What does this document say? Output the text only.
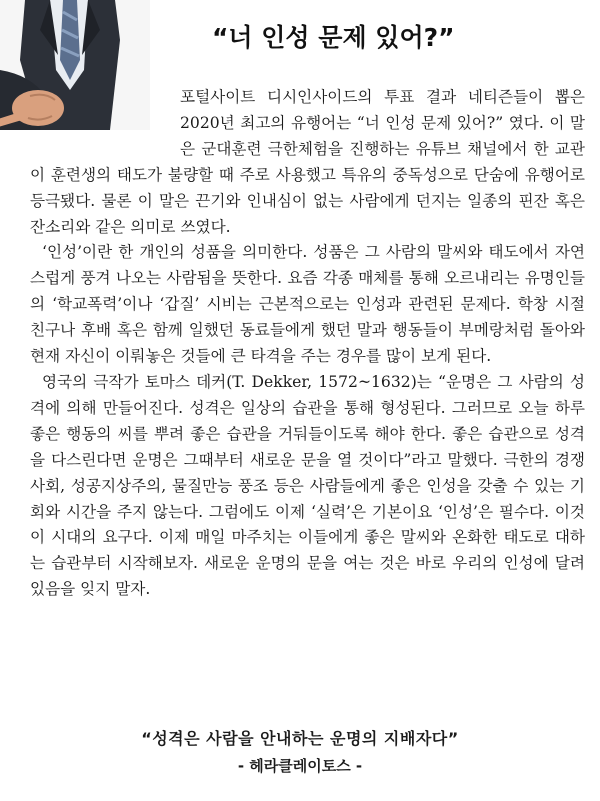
“너 인성 문제 있어?”

포털사이트 디시인사이드의 투표 결과 네티즌들이 뽑은 2020년 최고의 유행어는 “너 인성 문제 있어?” 였다. 이 말은 군대훈련 극한체험을 진행하는 유튜브 채널에서 한 교관이 훈련생의 태도가 불량할 때 주로 사용했고 특유의 중독성으로 단숨에 유행어로 등극됐다. 물론 이 말은 끈기와 인내심이 없는 사람에게 던지는 일종의 핀잔 혹은 잔소리와 같은 의미로 쓰였다.

‘인성’이란 한 개인의 성품을 의미한다. 성품은 그 사람의 말씨와 태도에서 자연스럽게 풍겨 나오는 사람됨을 뜻한다. 요즘 각종 매체를 통해 오르내리는 유명인들의 ‘학교폭력’이나 ‘갑질’ 시비는 근본적으로는 인성과 관련된 문제다. 학창 시절 친구나 후배 혹은 함께 일했던 동료들에게 했던 말과 행동들이 부메랑처럼 돌아와 현재 자신이 이뤄놓은 것들에 큰 타격을 주는 경우를 많이 보게 된다.

영국의 극작가 토마스 데커(T. Dekker, 1572~1632)는 “운명은 그 사람의 성격에 의해 만들어진다. 성격은 일상의 습관을 통해 형성된다. 그러므로 오늘 하루 좋은 행동의 씨를 뿌려 좋은 습관을 거둬들이도록 해야 한다. 좋은 습관으로 성격을 다스린다면 운명은 그때부터 새로운 문을 열 것이다”라고 말했다. 극한의 경쟁사회, 성공지상주의, 물질만능 풍조 등은 사람들에게 좋은 인성을 갖출 수 있는 기회와 시간을 주지 않는다. 그럼에도 이제 ‘실력’은 기본이요 ‘인성’은 필수다. 이것이 시대의 요구다. 이제 매일 마주치는 이들에게 좋은 말씨와 온화한 태도로 대하는 습관부터 시작해보자. 새로운 운명의 문을 여는 것은 바로 우리의 인성에 달려 있음을 잊지 말자.

“성격은 사람을 안내하는 운명의 지배자다”
- 헤라클레이토스 -
